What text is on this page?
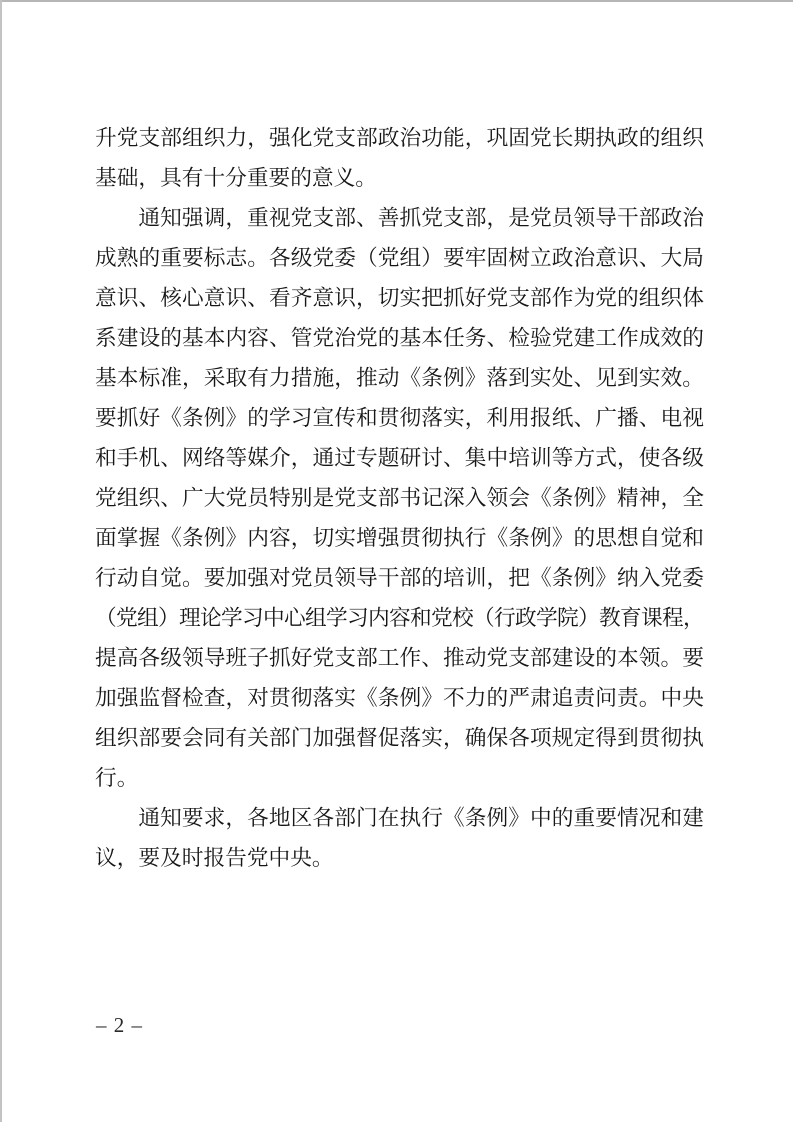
升党支部组织力，强化党支部政治功能，巩固党长期执政的组织
基础，具有十分重要的意义。
通知强调，重视党支部、善抓党支部，是党员领导干部政治
成熟的重要标志。各级党委（党组）要牢固树立政治意识、大局
意识、核心意识、看齐意识，切实把抓好党支部作为党的组织体
系建设的基本内容、管党治党的基本任务、检验党建工作成效的
基本标准，采取有力措施，推动《条例》落到实处、见到实效。
要抓好《条例》的学习宣传和贯彻落实，利用报纸、广播、电视
和手机、网络等媒介，通过专题研讨、集中培训等方式，使各级
党组织、广大党员特别是党支部书记深入领会《条例》精神，全
面掌握《条例》内容，切实增强贯彻执行《条例》的思想自觉和
行动自觉。要加强对党员领导干部的培训，把《条例》纳入党委
（党组）理论学习中心组学习内容和党校（行政学院）教育课程，
提高各级领导班子抓好党支部工作、推动党支部建设的本领。要
加强监督检查，对贯彻落实《条例》不力的严肃追责问责。中央
组织部要会同有关部门加强督促落实，确保各项规定得到贯彻执
行。
通知要求，各地区各部门在执行《条例》中的重要情况和建
议，要及时报告党中央。
– 2 –
